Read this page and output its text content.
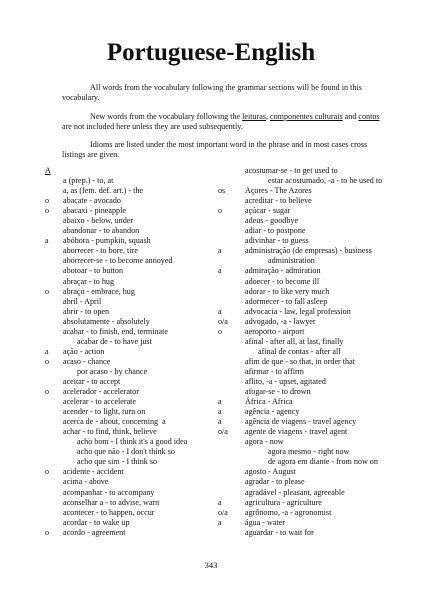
Portuguese-English

All words from the vocabulary following the grammar sections will be found in this vocabulary.

New words from the vocabulary following the leituras, componentes culturais and contos are not included here unless they are used subsequently.

Idioms are listed under the most important word in the phrase and in most cases cross listings are given.

A
a (prep.) - to, at
a, as (fem. def. art.) - the
o abacate - avocado
o abacaxi - pineapple
abaixo - below, under
abandonar - to abandon
a abóbora - pumpkin, squash
aborrecer - to bore, tire
aborrecer-se - to become annoyed
abotoar - to button
abraçar - to hug
o abraço - embrace, hug
abril - April
abrir - to open
absolutamente - absolutely
acabar - to finish, end, terminate
acabar de - to have just
a ação - action
o acaso - chance
por acaso - by chance
aceitar - to accept
o acelerador - accelerator
acelerar - to accelerate
acender - to light, turn on
acerca de - about, concerning a
achar - to find, think, believe
acho bom - I think it's a good idea
acho que não - I don't think so
acho que sim - I think so
o acidente - accident
acima - above
acompanhar - to accompany
aconselhar a - to advise, warn
acontecer - to happen, occur
acordar - to wake up
o acordo - agreement
acostumar-se - to get used to
estar acostumado, -a - to be used to
os Açores - The Azores
acreditar - to believe
o	açúcar - sugar
adeus - goodbye
adiar - to postpone
adivinhar - to guess
a	administração (de empresas) - business
administration
a	admiração - admiration
adoecer - to become ill
adorar - to like very much
adormecer - to fall asleep
a	advocacia - law, legal profession
o/a advogado, -a - lawyer
o	aeroporto - airport
afinal - after all, at last, finally
afinal de contas - after all
afim de que - so that, in order that
afirmar - to affirm
aflito, -a - upset, agitated
afogar-se - to drown
a	África - Africa
a	agência - agency
a	agência de viagens - travel agency
o/a agente de viagens - travel agent
agora - now
agora mesmo - right now
de agora em diante - from now on
agosto - August
agradar - to please
agradável - pleasant, agreeable
a	agricultura - agriculture
o/a agrônomo, -a - agronomist
a	água - water
aguardar - to wait for
343
